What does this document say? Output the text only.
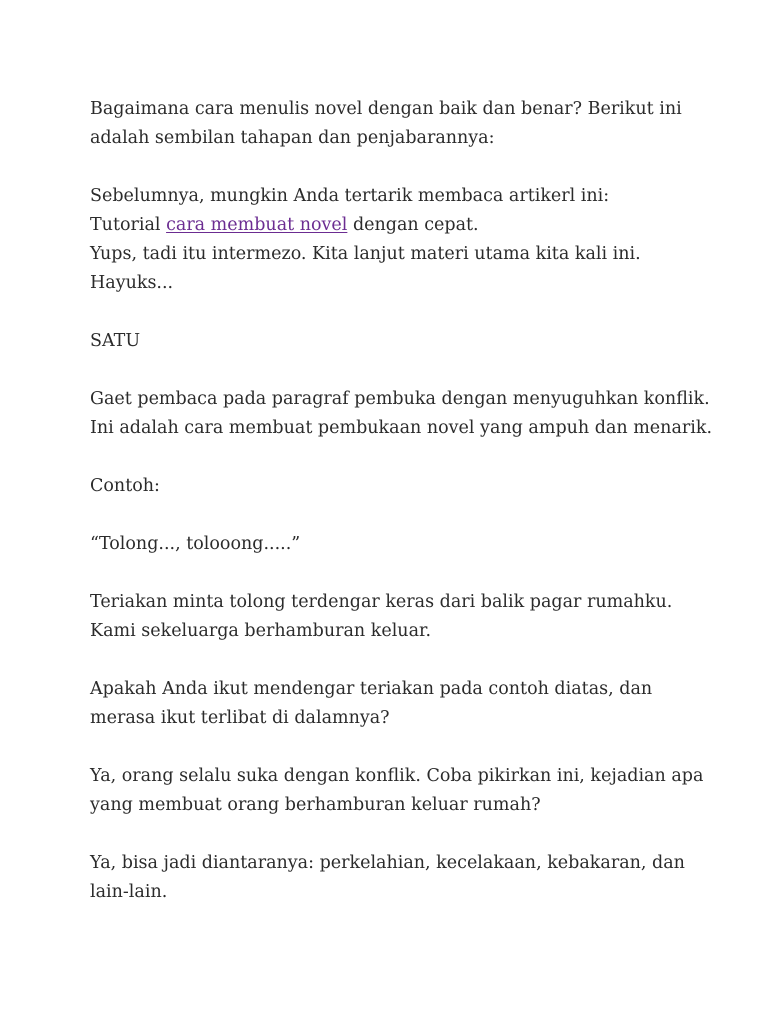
Bagaimana cara menulis novel dengan baik dan benar? Berikut ini
adalah sembilan tahapan dan penjabarannya:

Sebelumnya, mungkin Anda tertarik membaca artikerl ini:
Tutorial cara membuat novel dengan cepat.
Yups, tadi itu intermezo. Kita lanjut materi utama kita kali ini.
Hayuks...

SATU

Gaet pembaca pada paragraf pembuka dengan menyuguhkan konflik.
Ini adalah cara membuat pembukaan novel yang ampuh dan menarik.

Contoh:

“Tolong..., tolooong.....”

Teriakan minta tolong terdengar keras dari balik pagar rumahku.
Kami sekeluarga berhamburan keluar.

Apakah Anda ikut mendengar teriakan pada contoh diatas, dan
merasa ikut terlibat di dalamnya?

Ya, orang selalu suka dengan konflik. Coba pikirkan ini, kejadian apa
yang membuat orang berhamburan keluar rumah?

Ya, bisa jadi diantaranya: perkelahian, kecelakaan, kebakaran, dan
lain-lain.
